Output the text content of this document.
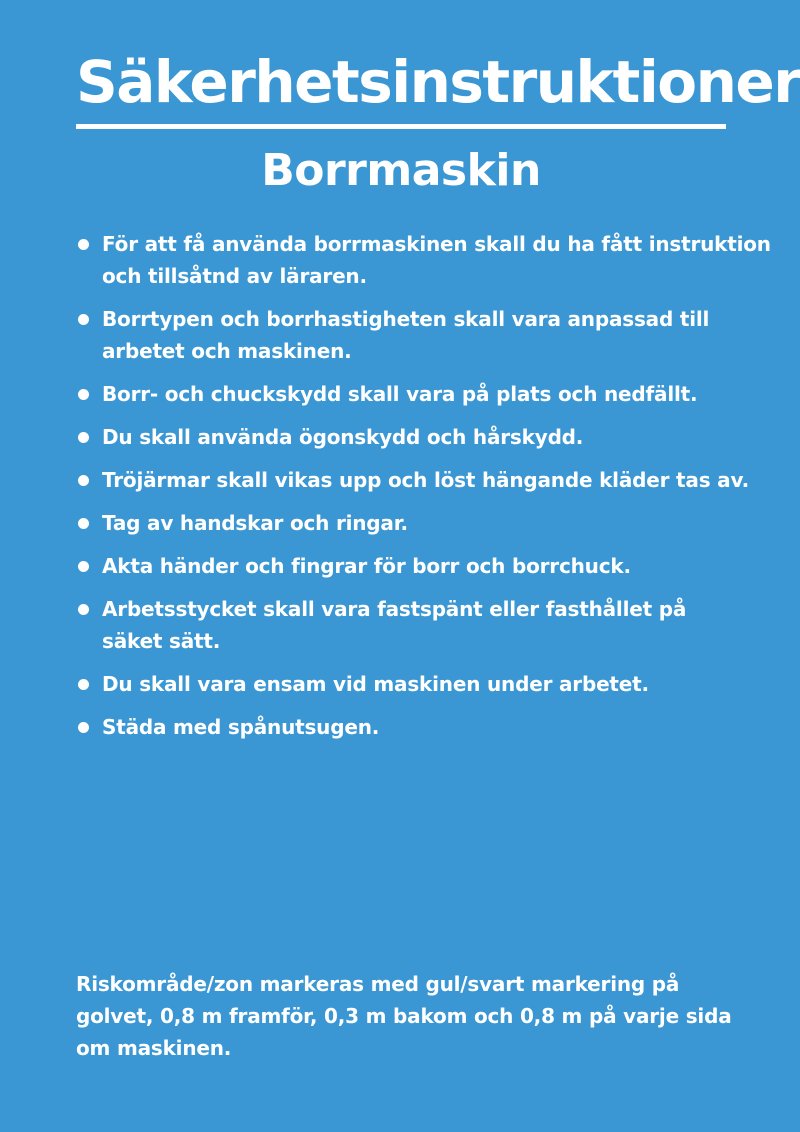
Säkerhetsinstruktioner
Borrmaskin
För att få använda borrmaskinen skall du ha fått instruktion och tillsåtnd av läraren.
Borrtypen och borrhastigheten skall vara anpassad till arbetet och maskinen.
Borr- och chuckskydd skall vara på plats och nedfällt.
Du skall använda ögonskydd och hårskydd.
Tröjärmar skall vikas upp och löst hängande kläder tas av.
Tag av handskar och ringar.
Akta händer och fingrar för borr och borrchuck.
Arbetsstycket skall vara fastspänt eller fasthållet på säket sätt.
Du skall vara ensam vid maskinen under arbetet.
Städa med spånutsugen.

Riskområde/zon markeras med gul/svart markering på golvet, 0,8 m framför, 0,3 m bakom och 0,8 m på varje sida om maskinen.
